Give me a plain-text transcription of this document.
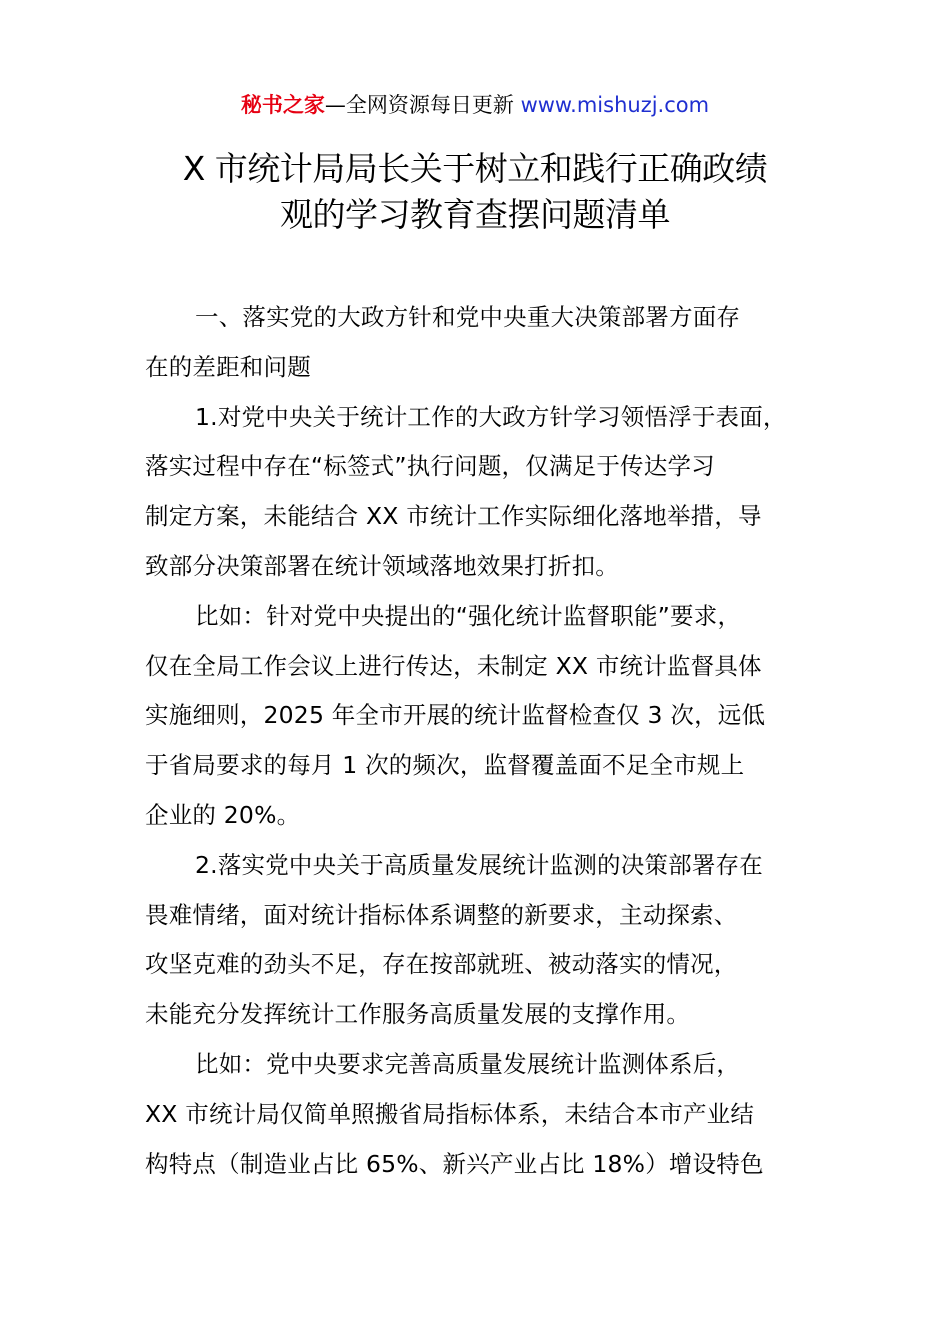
秘书之家—全网资源每日更新 www.mishuzj.com
X 市统计局局长关于树立和践行正确政绩
观的学习教育查摆问题清单
一、落实党的大政方针和党中央重大决策部署方面存
在的差距和问题
1.对党中央关于统计工作的大政方针学习领悟浮于表面，
落实过程中存在“标签式”执行问题，仅满足于传达学习
制定方案，未能结合 XX 市统计工作实际细化落地举措，导
致部分决策部署在统计领域落地效果打折扣。
比如：针对党中央提出的“强化统计监督职能”要求，
仅在全局工作会议上进行传达，未制定 XX 市统计监督具体
实施细则，2025 年全市开展的统计监督检查仅 3 次，远低
于省局要求的每月 1 次的频次，监督覆盖面不足全市规上
企业的 20%。
2.落实党中央关于高质量发展统计监测的决策部署存在
畏难情绪，面对统计指标体系调整的新要求，主动探索、
攻坚克难的劲头不足，存在按部就班、被动落实的情况，
未能充分发挥统计工作服务高质量发展的支撑作用。
比如：党中央要求完善高质量发展统计监测体系后，
XX 市统计局仅简单照搬省局指标体系，未结合本市产业结
构特点（制造业占比 65%、新兴产业占比 18%）增设特色
